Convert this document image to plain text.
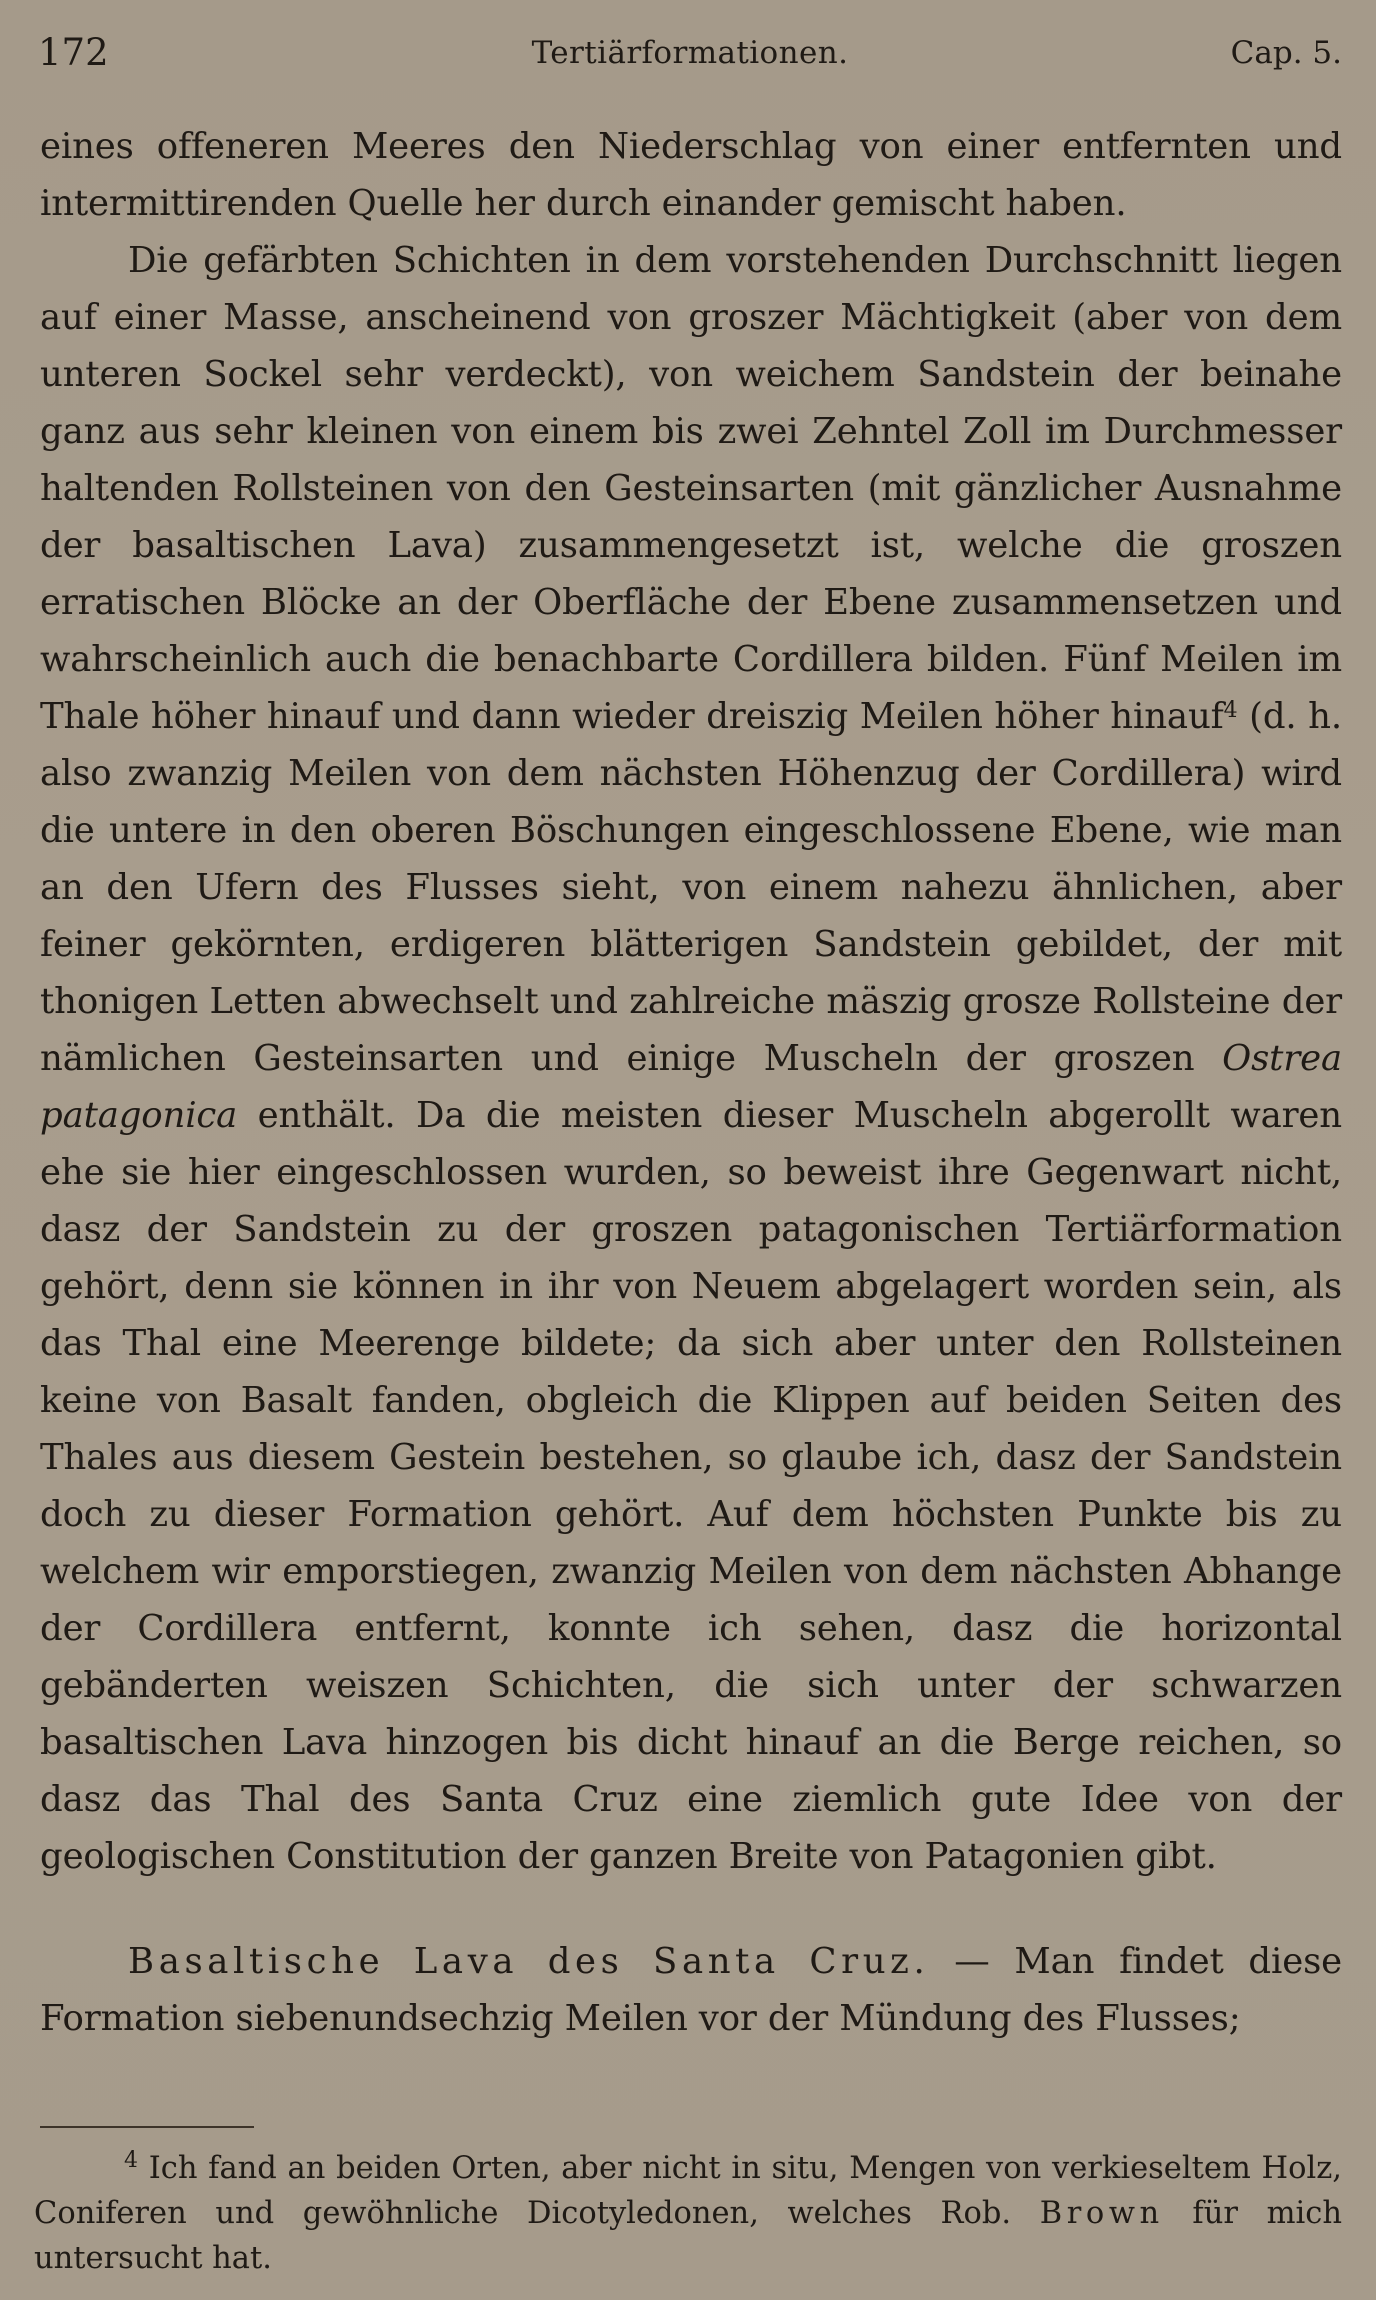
172	Tertiärformationen.	Cap. 5.

eines offeneren Meeres den Niederschlag von einer entfernten und intermittirenden Quelle her durch einander gemischt haben.

Die gefärbten Schichten in dem vorstehenden Durchschnitt liegen auf einer Masse, anscheinend von groszer Mächtigkeit (aber von dem unteren Sockel sehr verdeckt), von weichem Sandstein der beinahe ganz aus sehr kleinen von einem bis zwei Zehntel Zoll im Durchmesser haltenden Rollsteinen von den Gesteinsarten (mit gänzlicher Ausnahme der basaltischen Lava) zusammengesetzt ist, welche die groszen erratischen Blöcke an der Oberfläche der Ebene zusammensetzen und wahrscheinlich auch die benachbarte Cordillera bilden. Fünf Meilen im Thale höher hinauf und dann wieder dreiszig Meilen höher hinauf$^4$ (d. h. also zwanzig Meilen von dem nächsten Höhenzug der Cordillera) wird die untere in den oberen Böschungen eingeschlossene Ebene, wie man an den Ufern des Flusses sieht, von einem nahezu ähnlichen, aber feiner gekörnten, erdigeren blätterigen Sandstein gebildet, der mit thonigen Letten abwechselt und zahlreiche mäszig grosze Rollsteine der nämlichen Gesteinsarten und einige Muscheln der groszen Ostrea patagonica enthält. Da die meisten dieser Muscheln abgerollt waren ehe sie hier eingeschlossen wurden, so beweist ihre Gegenwart nicht, dasz der Sandstein zu der groszen patagonischen Tertiärformation gehört, denn sie können in ihr von Neuem abgelagert worden sein, als das Thal eine Meerenge bildete; da sich aber unter den Rollsteinen keine von Basalt fanden, obgleich die Klippen auf beiden Seiten des Thales aus diesem Gestein bestehen, so glaube ich, dasz der Sandstein doch zu dieser Formation gehört. Auf dem höchsten Punkte bis zu welchem wir emporstiegen, zwanzig Meilen von dem nächsten Abhange der Cordillera entfernt, konnte ich sehen, dasz die horizontal gebänderten weiszen Schichten, die sich unter der schwarzen basaltischen Lava hinzogen bis dicht hinauf an die Berge reichen, so dasz das Thal des Santa Cruz eine ziemlich gute Idee von der geologischen Constitution der ganzen Breite von Patagonien gibt.

Basaltische Lava des Santa Cruz. — Man findet diese Formation siebenundsechzig Meilen vor der Mündung des Flusses;

$^4$ Ich fand an beiden Orten, aber nicht in situ, Mengen von verkieseltem Holz, Coniferen und gewöhnliche Dicotyledonen, welches Rob. Brown für mich untersucht hat.
